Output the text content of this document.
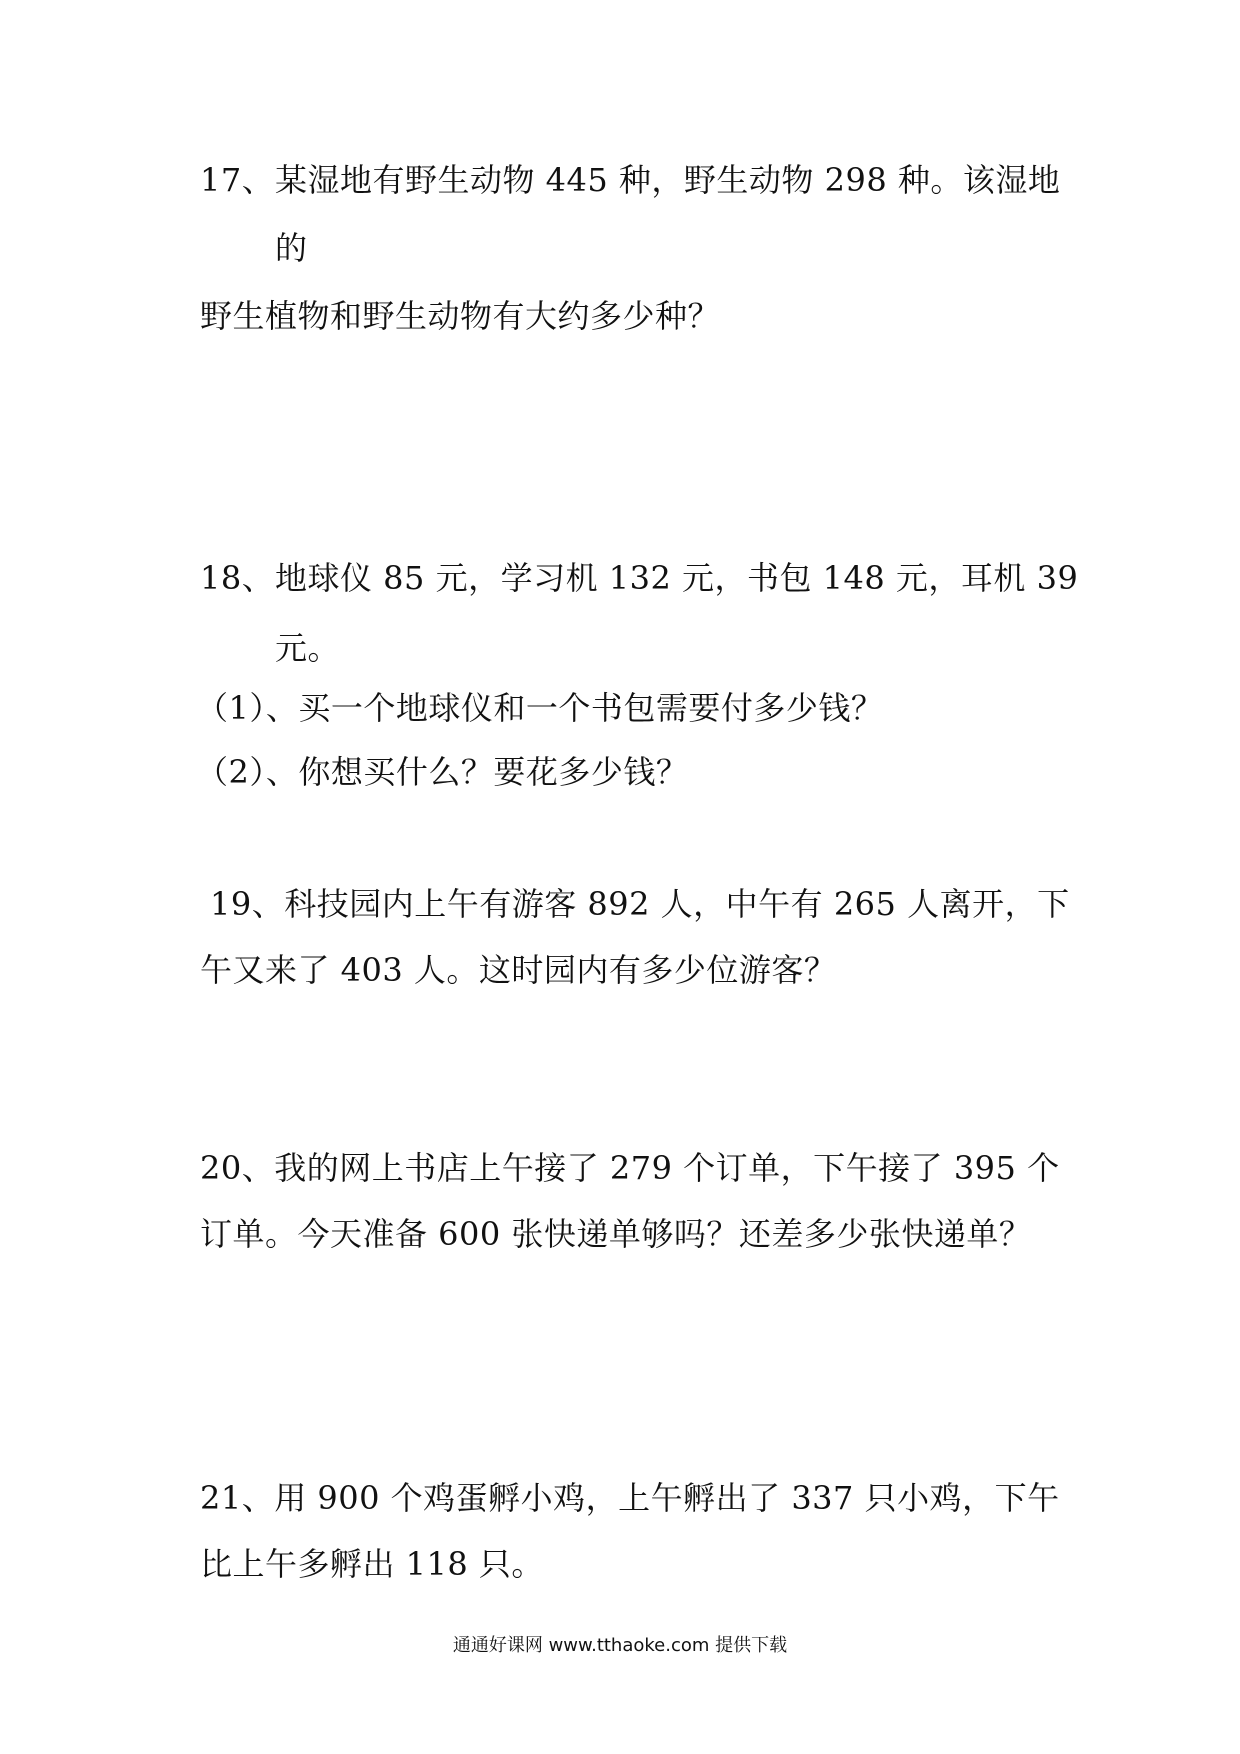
17、 某湿地有野生动物 445 种，野生动物 298 种。该湿地
的
野生植物和野生动物有大约多少种？
18、 地球仪 85 元，学习机 132 元，书包 148 元，耳机 39
元。
（1）、买一个地球仪和一个书包需要付多少钱？
（2）、你想买什么？要花多少钱？
19、科技园内上午有游客 892 人，中午有 265 人离开，下
午又来了 403 人。这时园内有多少位游客？
20、我的网上书店上午接了 279 个订单，下午接了 395 个
订单。今天准备 600 张快递单够吗？还差多少张快递单？
21、用 900 个鸡蛋孵小鸡，上午孵出了 337 只小鸡，下午
比上午多孵出 118 只。
通通好课网 www.tthaoke.com 提供下载
